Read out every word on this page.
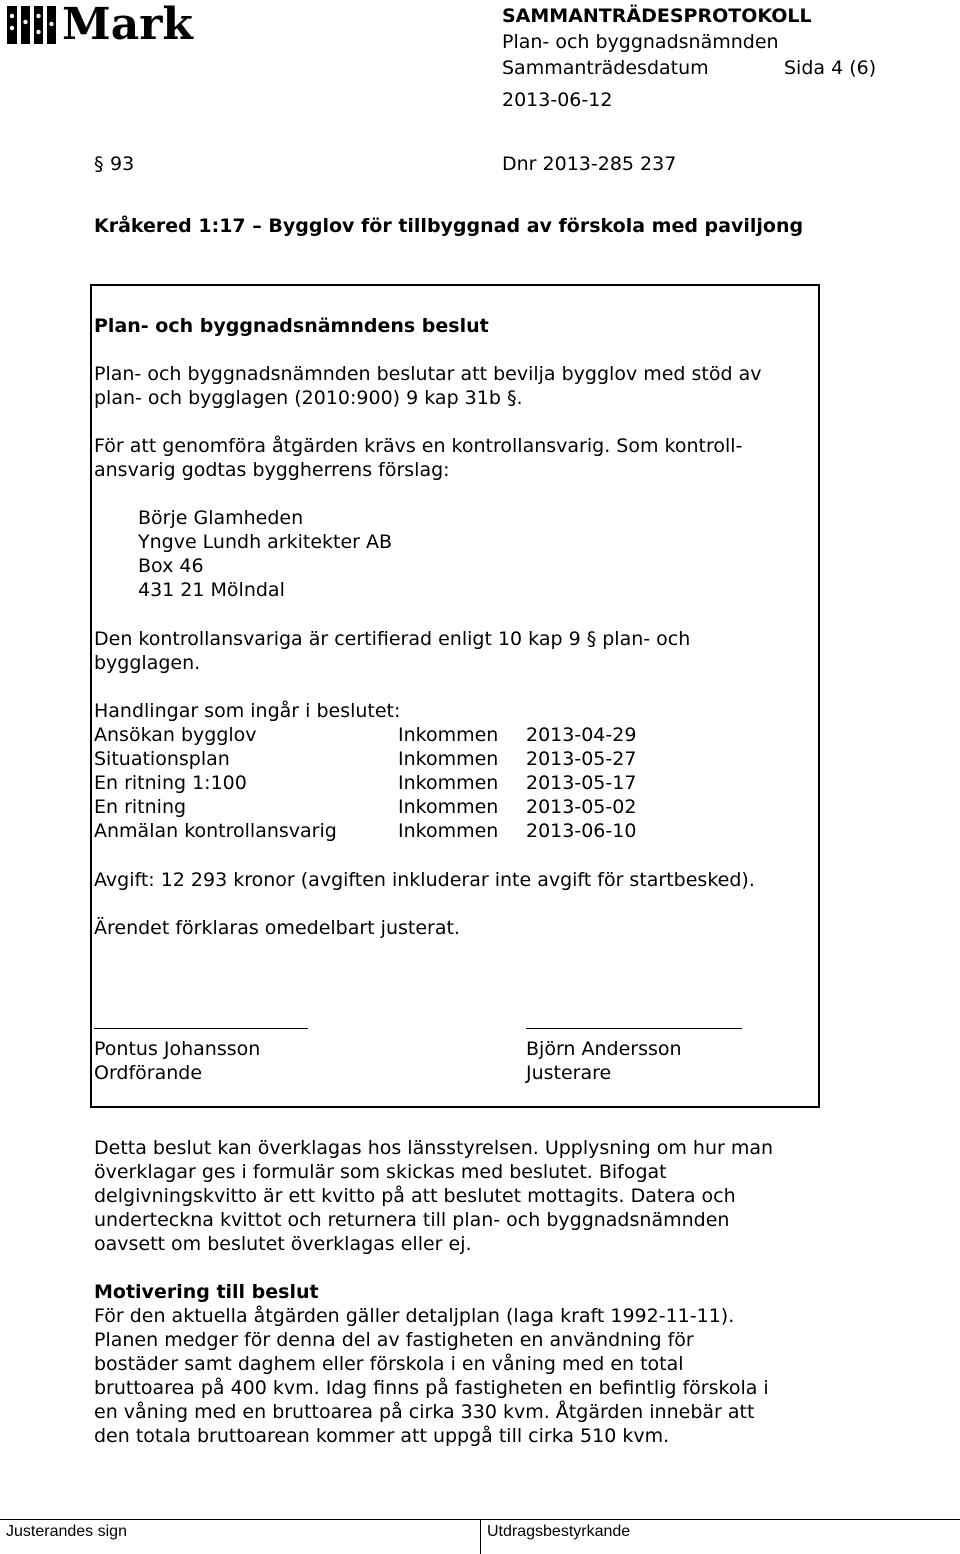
Mark	SAMMANTRÄDESPROTOKOLL
Plan- och byggnadsnämnden
Sammanträdesdatum	Sida 4 (6)
2013-06-12
§ 93	Dnr 2013-285 237
Kråkered 1:17 – Bygglov för tillbyggnad av förskola med paviljong
Plan- och byggnadsnämndens beslut
Plan- och byggnadsnämnden beslutar att bevilja bygglov med stöd av
plan- och bygglagen (2010:900) 9 kap 31b §.
För att genomföra åtgärden krävs en kontrollansvarig. Som kontroll-
ansvarig godtas byggherrens förslag:
Börje Glamheden
Yngve Lundh arkitekter AB
Box 46
431 21 Mölndal
Den kontrollansvariga är certifierad enligt 10 kap 9 § plan- och
bygglagen.
Handlingar som ingår i beslutet:
Ansökan bygglov	Inkommen 2013-04-29
Situationsplan	Inkommen 2013-05-27
En ritning 1:100	Inkommen 2013-05-17
En ritning	Inkommen 2013-05-02
Anmälan kontrollansvarig	Inkommen 2013-06-10
Avgift: 12 293 kronor (avgiften inkluderar inte avgift för startbesked).
Ärendet förklaras omedelbart justerat.
Pontus Johansson
Ordförande
Björn Andersson
Justerare
Detta beslut kan överklagas hos länsstyrelsen. Upplysning om hur man
överklagar ges i formulär som skickas med beslutet. Bifogat
delgivningskvitto är ett kvitto på att beslutet mottagits. Datera och
underteckna kvittot och returnera till plan- och byggnadsnämnden
oavsett om beslutet överklagas eller ej.
Motivering till beslut
För den aktuella åtgärden gäller detaljplan (laga kraft 1992-11-11).
Planen medger för denna del av fastigheten en användning för
bostäder samt daghem eller förskola i en våning med en total
bruttoarea på 400 kvm. Idag finns på fastigheten en befintlig förskola i
en våning med en bruttoarea på cirka 330 kvm. Åtgärden innebär att
den totala bruttoarean kommer att uppgå till cirka 510 kvm.
Justerandes sign	Utdragsbestyrkande
